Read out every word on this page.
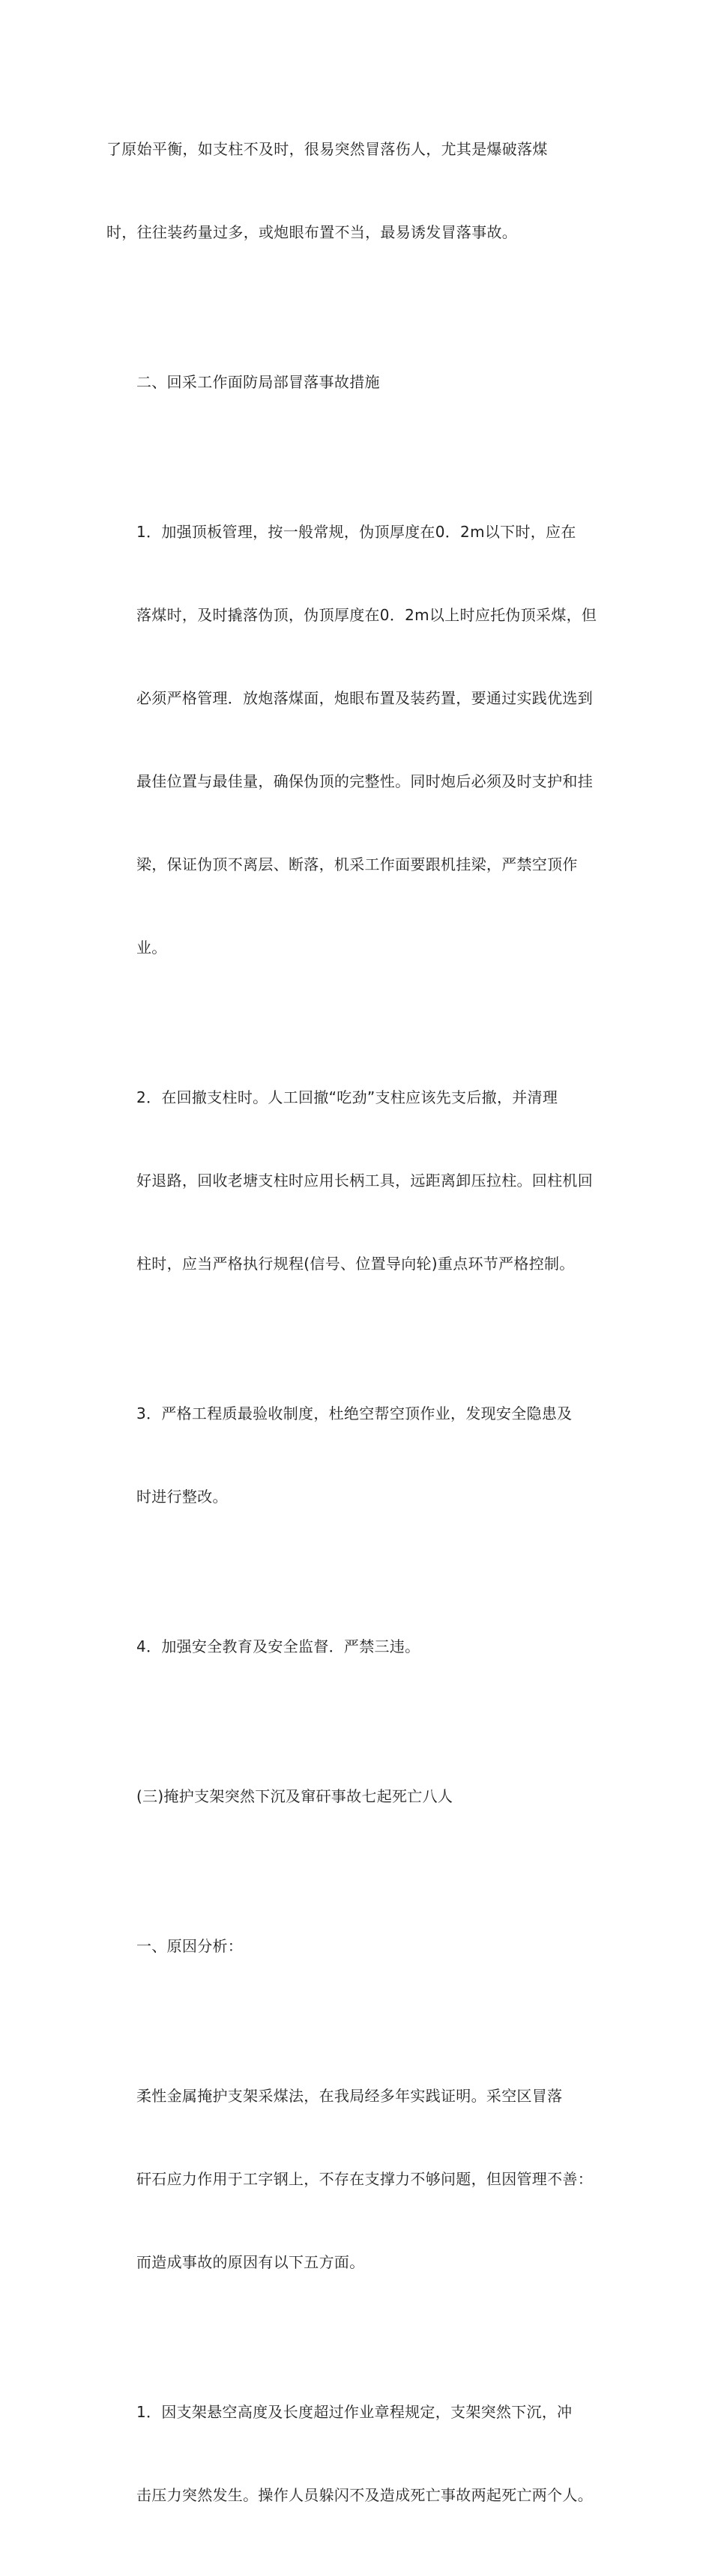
了原始平衡，如支柱不及时，很易突然冒落伤人，尤其是爆破落煤

时，往往装药量过多，或炮眼布置不当，最易诱发冒落事故。

二、回采工作面防局部冒落事故措施

1．加强顶板管理，按一般常规，伪顶厚度在0．2m以下时，应在

落煤时，及时撬落伪顶，伪顶厚度在0．2m以上时应托伪顶采煤，但

必须严格管理．放炮落煤面，炮眼布置及装药置，要通过实践优选到

最佳位置与最佳量，确保伪顶的完整性。同时炮后必须及时支护和挂

梁，保证伪顶不离层、断落，机采工作面要跟机挂梁，严禁空顶作

业。

2．在回撤支柱时。人工回撤“吃劲”支柱应该先支后撤，并清理

好退路，回收老塘支柱时应用长柄工具，远距离卸压拉柱。回柱机回

柱时，应当严格执行规程(信号、位置导向轮)重点环节严格控制。

3．严格工程质最验收制度，杜绝空帮空顶作业，发现安全隐患及

时进行整改。

4．加强安全教育及安全监督．严禁三违。

(三)掩护支架突然下沉及窜矸事故七起死亡八人

一、原因分析：

柔性金属掩护支架采煤法，在我局经多年实践证明。采空区冒落

矸石应力作用于工字钢上，不存在支撑力不够问题，但因管理不善：

而造成事故的原因有以下五方面。

1．因支架悬空高度及长度超过作业章程规定，支架突然下沉，冲

击压力突然发生。操作人员躲闪不及造成死亡事故两起死亡两个人。
